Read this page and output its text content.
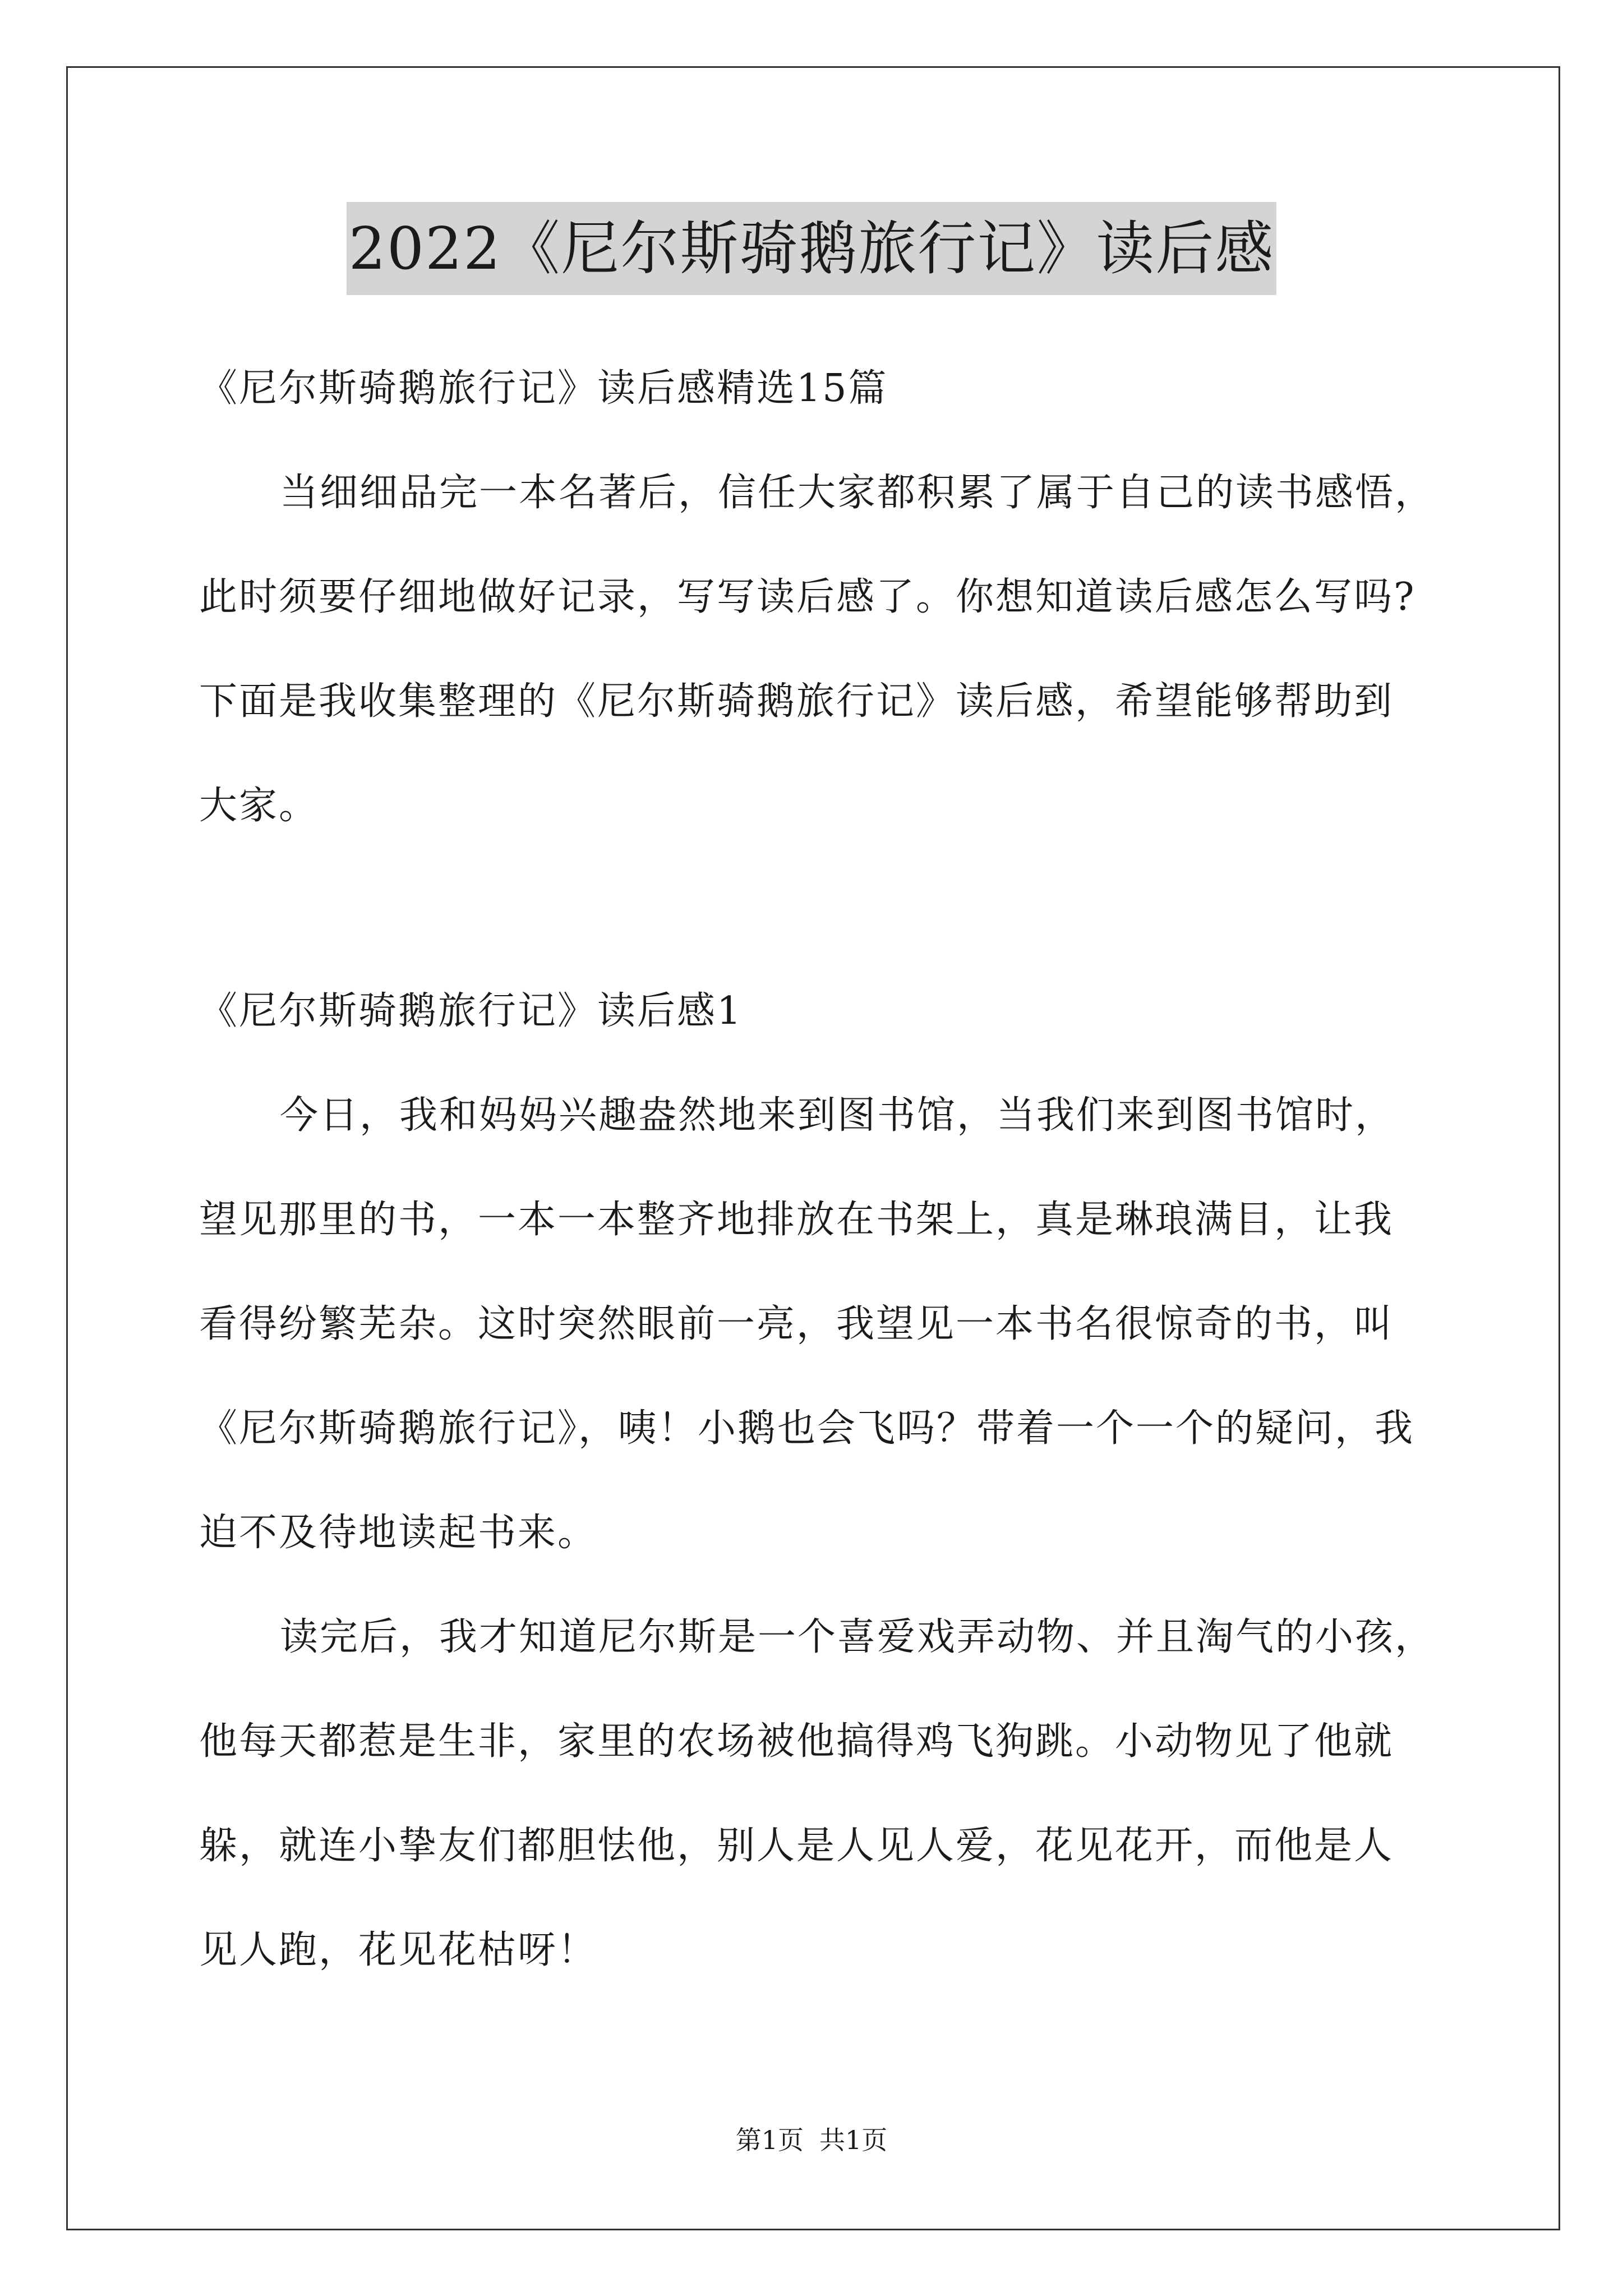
2022《尼尔斯骑鹅旅行记》读后感
《尼尔斯骑鹅旅行记》读后感精选15篇
当细细品完一本名著后，信任大家都积累了属于自己的读书感悟，
此时须要仔细地做好记录，写写读后感了。你想知道读后感怎么写吗?
下面是我收集整理的《尼尔斯骑鹅旅行记》读后感，希望能够帮助到
大家。
《尼尔斯骑鹅旅行记》读后感1
今日，我和妈妈兴趣盎然地来到图书馆，当我们来到图书馆时，
望见那里的书，一本一本整齐地排放在书架上，真是琳琅满目，让我
看得纷繁芜杂。这时突然眼前一亮，我望见一本书名很惊奇的书，叫
《尼尔斯骑鹅旅行记》，咦！小鹅也会飞吗？带着一个一个的疑问，我
迫不及待地读起书来。
读完后，我才知道尼尔斯是一个喜爱戏弄动物、并且淘气的小孩，
他每天都惹是生非，家里的农场被他搞得鸡飞狗跳。小动物见了他就
躲，就连小挚友们都胆怯他，别人是人见人爱，花见花开，而他是人
见人跑，花见花枯呀！
第1页 共1页
